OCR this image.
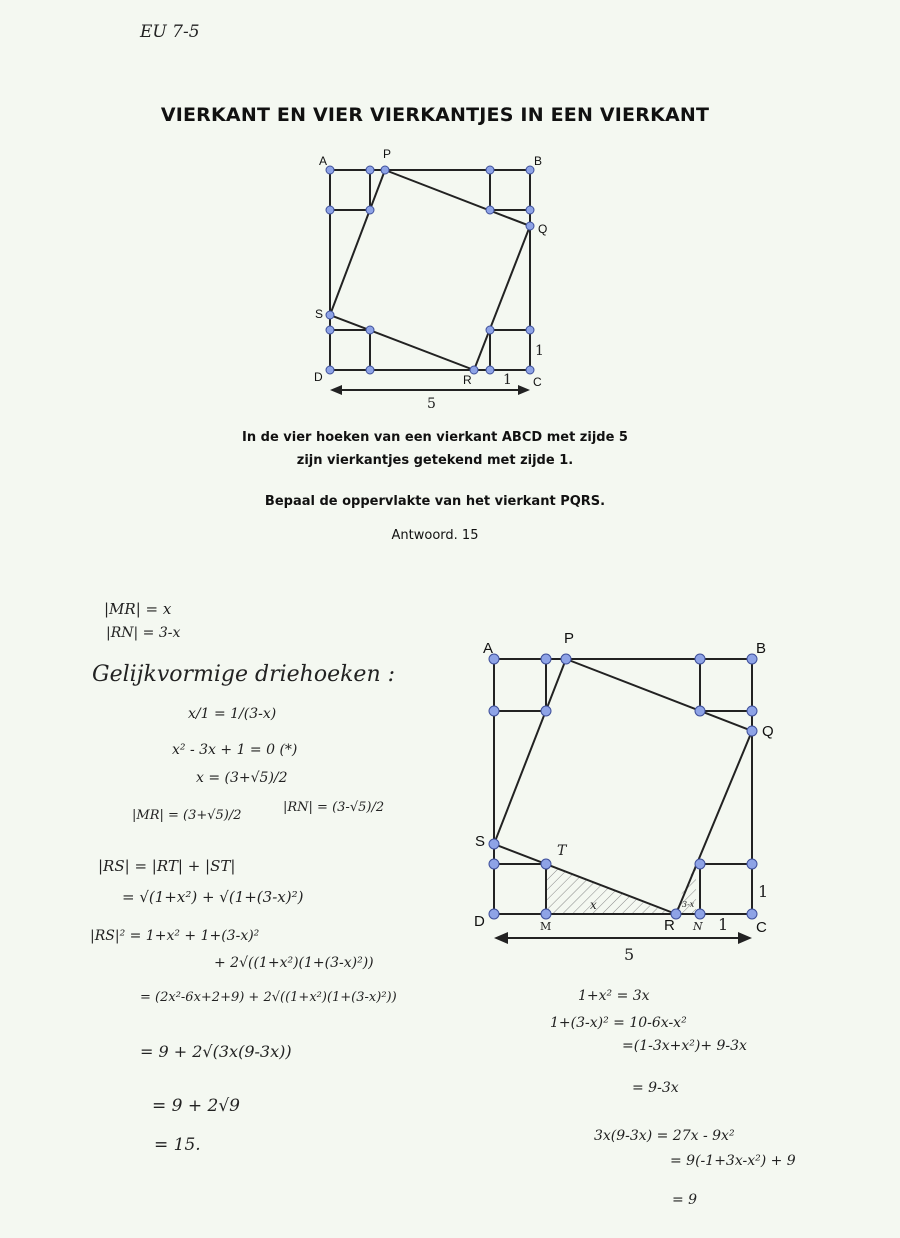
EU 7-5
VIERKANT EN VIER VIERKANTJES IN EEN VIERKANT
A	P	B
Q
S
D	R	C
1
1
5
In de vier hoeken van een vierkant ABCD met zijde 5
zijn vierkantjes getekend met zijde 1.
Bepaal de oppervlakte van het vierkant PQRS.
Antwoord. 15
A
P
B
Q
S
D	R	C
T
M	N
x	3-x
1
1
5
|MR| = x
|RN| = 3-x
Gelijkvormige driehoeken :
x/1 = 1/(3-x)
x² - 3x + 1 = 0 (*)
x = (3+√5)/2
|MR| = (3+√5)/2
|RN| = (3-√5)/2
|RS| = |RT| + |ST|
= √(1+x²) + √(1+(3-x)²)
|RS|² = 1+x² + 1+(3-x)²
+ 2√((1+x²)(1+(3-x)²))
= (2x²-6x+2+9) + 2√((1+x²)(1+(3-x)²))
= 9 + 2√(3x(9-3x))
= 9 + 2√9
= 15.
1+x² = 3x
1+(3-x)² = 10-6x-x²
=(1-3x+x²)+ 9-3x
= 9-3x
3x(9-3x) = 27x - 9x²
= 9(-1+3x-x²) + 9
= 9
